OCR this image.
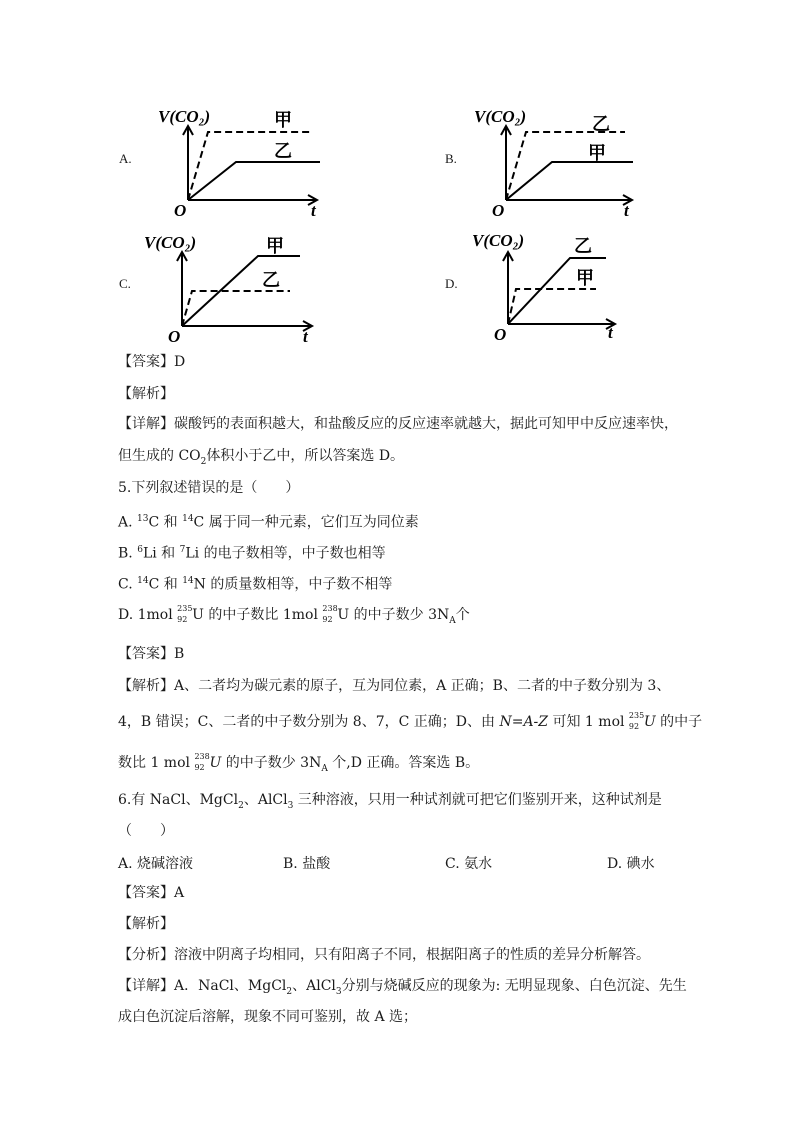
A.	B.
C.	D.
V(CO₂)
O	t
甲
乙
V(CO₂)
O	t
乙
甲
V(CO₂)
O	t
甲
乙
V(CO₂)
O	t
乙
甲
【答案】D
【解析】
【详解】碳酸钙的表面积越大，和盐酸反应的反应速率就越大，据此可知甲中反应速率快，
但生成的 $CO_2$体积小于乙中，所以答案选 D。
5.下列叙述错误的是（　　）
A. $^{13}$C 和 $^{14}$C 属于同一种元素，它们互为同位素
B. $^6$Li 和 $^7$Li 的电子数相等，中子数也相等
C. $^{14}$C 和 $^{14}$N 的质量数相等，中子数不相等
D. 1mol 235
92 U 的中子数比 1mol 238
92 U 的中子数少 $3N_A$个
【答案】B
【解析】A、二者均为碳元素的原子，互为同位素，A 正确；B、二者的中子数分别为 3、
4，B 错误；C、二者的中子数分别为 8、7，C 正确；D、由 N=A-Z 可知 1 mol 235
92 U 的中子
数比 1 mol 238
92 U 的中子数少 $3N_A$ 个,D 正确。答案选 B。
6.有 NaCl、MgCl$_2$、AlCl$_3$ 三种溶液，只用一种试剂就可把它们鉴别开来，这种试剂是
（　　）
A. 烧碱溶液	B. 盐酸	C. 氨水	D. 碘水
【答案】A
【解析】
【分析】溶液中阴离子均相同，只有阳离子不同，根据阳离子的性质的差异分析解答。
【详解】A．NaCl、MgCl$_2$、AlCl$_3$分别与烧碱反应的现象为: 无明显现象、白色沉淀、先生
成白色沉淀后溶解，现象不同可鉴别，故 A 选；
